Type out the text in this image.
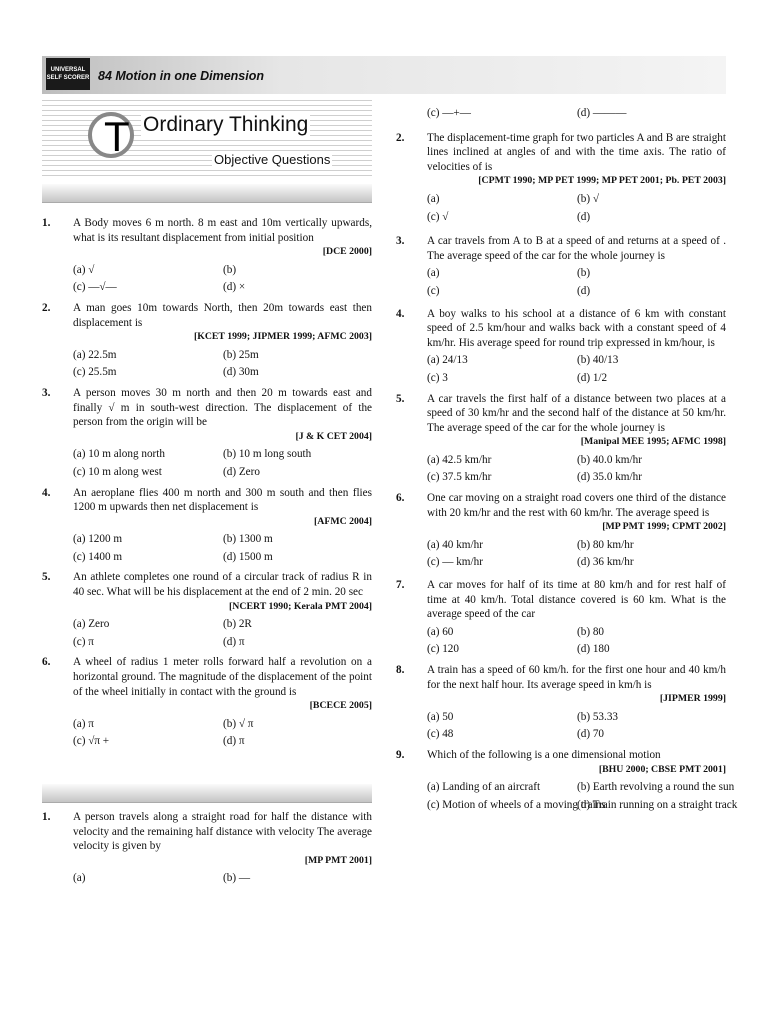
UNIVERSAL
SELF SCORER 84 Motion in one Dimension
T Ordinary Thinking
Objective Questions
1. A Body moves 6 m north. 8 m east and 10m vertically upwards, what is its resultant displacement from initial position
[DCE 2000]
(a) √	(b)
(c) ―√―	(d) ×
2. A man goes 10m towards North, then 20m towards east then displacement is
[KCET 1999; JIPMER 1999; AFMC 2003]
(a) 22.5m	(b) 25m
(c) 25.5m	(d) 30m
3. A person moves 30 m north and then 20 m towards east and finally √ m in south-west direction. The displacement of the person from the origin will be
[J & K CET 2004]
(a) 10 m along north	(b) 10 m long south
(c) 10 m along west	(d) Zero
4. An aeroplane flies 400 m north and 300 m south and then flies 1200 m upwards then net displacement is
[AFMC 2004]
(a) 1200 m	(b) 1300 m
(c) 1400 m	(d) 1500 m
5. An athlete completes one round of a circular track of radius R in 40 sec. What will be his displacement at the end of 2 min. 20 sec
[NCERT 1990; Kerala PMT 2004]
(a) Zero	(b) 2R
(c) π	(d) π
6. A wheel of radius 1 meter rolls forward half a revolution on a horizontal ground. The magnitude of the displacement of the point of the wheel initially in contact with the ground is
[BCECE 2005]
(a) π	(b) √ π
(c) √π +	(d) π
1. A person travels along a straight road for half the distance with velocity and the remaining half distance with velocity The average velocity is given by
[MP PMT 2001]
(a)	(b) ―
(c) ―+―	(d) ―――
2. The displacement-time graph for two particles A and B are straight lines inclined at angles of and with the time axis. The ratio of velocities of is
[CPMT 1990; MP PET 1999; MP PET 2001; Pb. PET 2003]
(a)	(b) √
(c) √	(d)
3. A car travels from A to B at a speed of and returns at a speed of . The average speed of the car for the whole journey is
(a)	(b)
(c)	(d)
4. A boy walks to his school at a distance of 6 km with constant speed of 2.5 km/hour and walks back with a constant speed of 4 km/hr. His average speed for round trip expressed in km/hour, is
(a) 24/13	(b) 40/13
(c) 3	(d) 1/2
5. A car travels the first half of a distance between two places at a speed of 30 km/hr and the second half of the distance at 50 km/hr. The average speed of the car for the whole journey is
[Manipal MEE 1995; AFMC 1998]
(a) 42.5 km/hr	(b) 40.0 km/hr
(c) 37.5 km/hr	(d) 35.0 km/hr
6. One car moving on a straight road covers one third of the distance with 20 km/hr and the rest with 60 km/hr. The average speed is
[MP PMT 1999; CPMT 2002]
(a) 40 km/hr	(b) 80 km/hr
(c) ― km/hr	(d) 36 km/hr
7. A car moves for half of its time at 80 km/h and for rest half of time at 40 km/h. Total distance covered is 60 km. What is the average speed of the car
(a) 60	(b) 80
(c) 120	(d) 180
8. A train has a speed of 60 km/h. for the first one hour and 40 km/h for the next half hour. Its average speed in km/h is
[JIPMER 1999]
(a) 50	(b) 53.33
(c) 48	(d) 70
9. Which of the following is a one dimensional motion
[BHU 2000; CBSE PMT 2001]
(a) Landing of an aircraft	(b) Earth revolving a round the sun
(c) Motion of wheels of a moving trains
(d) Train running on a straight track
